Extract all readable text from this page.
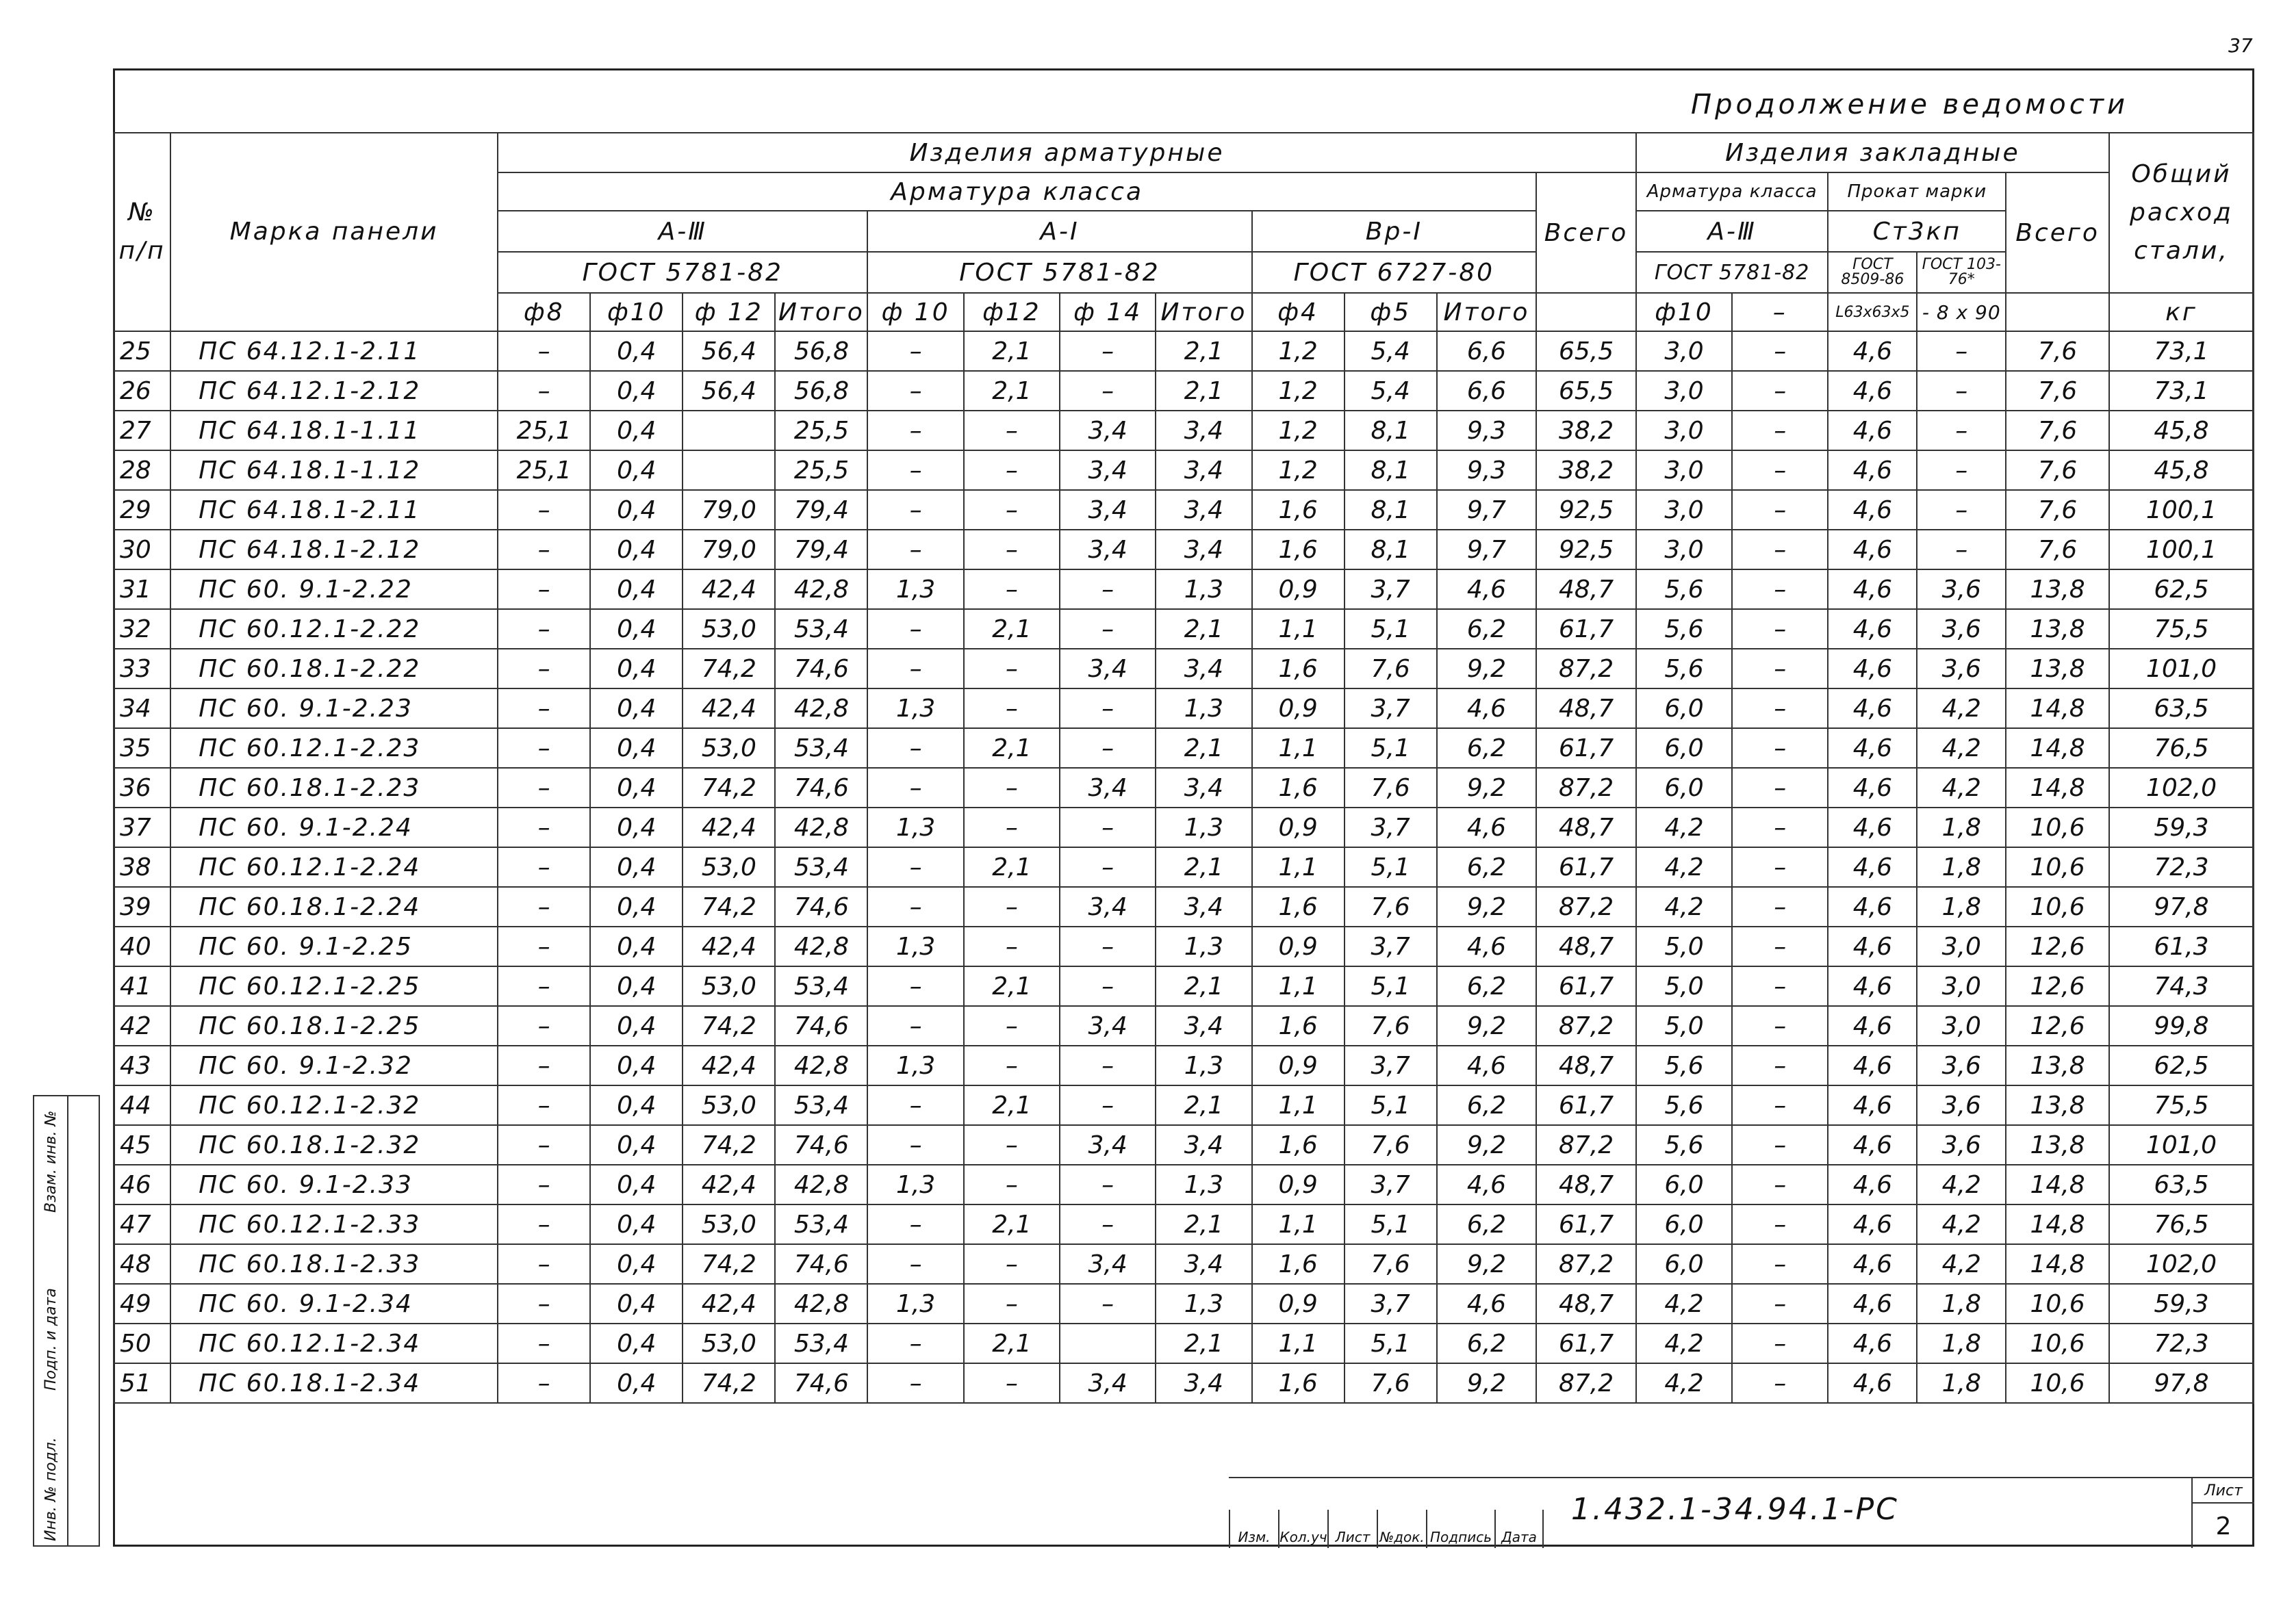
37
Продолжение ведомости
№ п/п	Марка панели	Изделия арматурные												Изделия закладные					Общий расход стали,
		Арматура класса											Всего	Арматура класса		Прокат марки		Всего	
		А-Ⅲ				А-Ⅰ				Вр-Ⅰ				А-Ⅲ		Ст3кп			
		ГОСТ 5781-82				ГОСТ 5781-82				ГОСТ 6727-80				ГОСТ 5781-82		ГОСТ 8509-86	ГОСТ 103-76*		
		ф8	ф10	ф 12	Итого	ф 10	ф12	ф 14	Итого	ф4	ф5	Итого		ф10	–	L63x63x5	- 8 x 90		кг
25	ПС 64.12.1-2.11	–	0,4	56,4	56,8	–	2,1	–	2,1	1,2	5,4	6,6	65,5	3,0	–	4,6	–	7,6	73,1
26	ПС 64.12.1-2.12	–	0,4	56,4	56,8	–	2,1	–	2,1	1,2	5,4	6,6	65,5	3,0	–	4,6	–	7,6	73,1
27	ПС 64.18.1-1.11	25,1	0,4		25,5	–	–	3,4	3,4	1,2	8,1	9,3	38,2	3,0	–	4,6	–	7,6	45,8
28	ПС 64.18.1-1.12	25,1	0,4		25,5	–	–	3,4	3,4	1,2	8,1	9,3	38,2	3,0	–	4,6	–	7,6	45,8
29	ПС 64.18.1-2.11	–	0,4	79,0	79,4	–	–	3,4	3,4	1,6	8,1	9,7	92,5	3,0	–	4,6	–	7,6	100,1
30	ПС 64.18.1-2.12	–	0,4	79,0	79,4	–	–	3,4	3,4	1,6	8,1	9,7	92,5	3,0	–	4,6	–	7,6	100,1
31	ПС 60. 9.1-2.22	–	0,4	42,4	42,8	1,3	–	–	1,3	0,9	3,7	4,6	48,7	5,6	–	4,6	3,6	13,8	62,5
32	ПС 60.12.1-2.22	–	0,4	53,0	53,4	–	2,1	–	2,1	1,1	5,1	6,2	61,7	5,6	–	4,6	3,6	13,8	75,5
33	ПС 60.18.1-2.22	–	0,4	74,2	74,6	–	–	3,4	3,4	1,6	7,6	9,2	87,2	5,6	–	4,6	3,6	13,8	101,0
34	ПС 60. 9.1-2.23	–	0,4	42,4	42,8	1,3	–	–	1,3	0,9	3,7	4,6	48,7	6,0	–	4,6	4,2	14,8	63,5
35	ПС 60.12.1-2.23	–	0,4	53,0	53,4	–	2,1	–	2,1	1,1	5,1	6,2	61,7	6,0	–	4,6	4,2	14,8	76,5
36	ПС 60.18.1-2.23	–	0,4	74,2	74,6	–	–	3,4	3,4	1,6	7,6	9,2	87,2	6,0	–	4,6	4,2	14,8	102,0
37	ПС 60. 9.1-2.24	–	0,4	42,4	42,8	1,3	–	–	1,3	0,9	3,7	4,6	48,7	4,2	–	4,6	1,8	10,6	59,3
38	ПС 60.12.1-2.24	–	0,4	53,0	53,4	–	2,1	–	2,1	1,1	5,1	6,2	61,7	4,2	–	4,6	1,8	10,6	72,3
39	ПС 60.18.1-2.24	–	0,4	74,2	74,6	–	–	3,4	3,4	1,6	7,6	9,2	87,2	4,2	–	4,6	1,8	10,6	97,8
40	ПС 60. 9.1-2.25	–	0,4	42,4	42,8	1,3	–	–	1,3	0,9	3,7	4,6	48,7	5,0	–	4,6	3,0	12,6	61,3
41	ПС 60.12.1-2.25	–	0,4	53,0	53,4	–	2,1	–	2,1	1,1	5,1	6,2	61,7	5,0	–	4,6	3,0	12,6	74,3
42	ПС 60.18.1-2.25	–	0,4	74,2	74,6	–	–	3,4	3,4	1,6	7,6	9,2	87,2	5,0	–	4,6	3,0	12,6	99,8
43	ПС 60. 9.1-2.32	–	0,4	42,4	42,8	1,3	–	–	1,3	0,9	3,7	4,6	48,7	5,6	–	4,6	3,6	13,8	62,5
44	ПС 60.12.1-2.32	–	0,4	53,0	53,4	–	2,1	–	2,1	1,1	5,1	6,2	61,7	5,6	–	4,6	3,6	13,8	75,5
45	ПС 60.18.1-2.32	–	0,4	74,2	74,6	–	–	3,4	3,4	1,6	7,6	9,2	87,2	5,6	–	4,6	3,6	13,8	101,0
46	ПС 60. 9.1-2.33	–	0,4	42,4	42,8	1,3	–	–	1,3	0,9	3,7	4,6	48,7	6,0	–	4,6	4,2	14,8	63,5
47	ПС 60.12.1-2.33	–	0,4	53,0	53,4	–	2,1	–	2,1	1,1	5,1	6,2	61,7	6,0	–	4,6	4,2	14,8	76,5
48	ПС 60.18.1-2.33	–	0,4	74,2	74,6	–	–	3,4	3,4	1,6	7,6	9,2	87,2	6,0	–	4,6	4,2	14,8	102,0
49	ПС 60. 9.1-2.34	–	0,4	42,4	42,8	1,3	–	–	1,3	0,9	3,7	4,6	48,7	4,2	–	4,6	1,8	10,6	59,3
50	ПС 60.12.1-2.34	–	0,4	53,0	53,4	–	2,1		2,1	1,1	5,1	6,2	61,7	4,2	–	4,6	1,8	10,6	72,3
51	ПС 60.18.1-2.34	–	0,4	74,2	74,6	–	–	3,4	3,4	1,6	7,6	9,2	87,2	4,2	–	4,6	1,8	10,6	97,8
Инв. № подл.
Подп. и дата
Взам. инв. №
Изм. Кол.уч Лист №док. Подпись Дата
1.432.1-34.94.1-РС
Лист
2
